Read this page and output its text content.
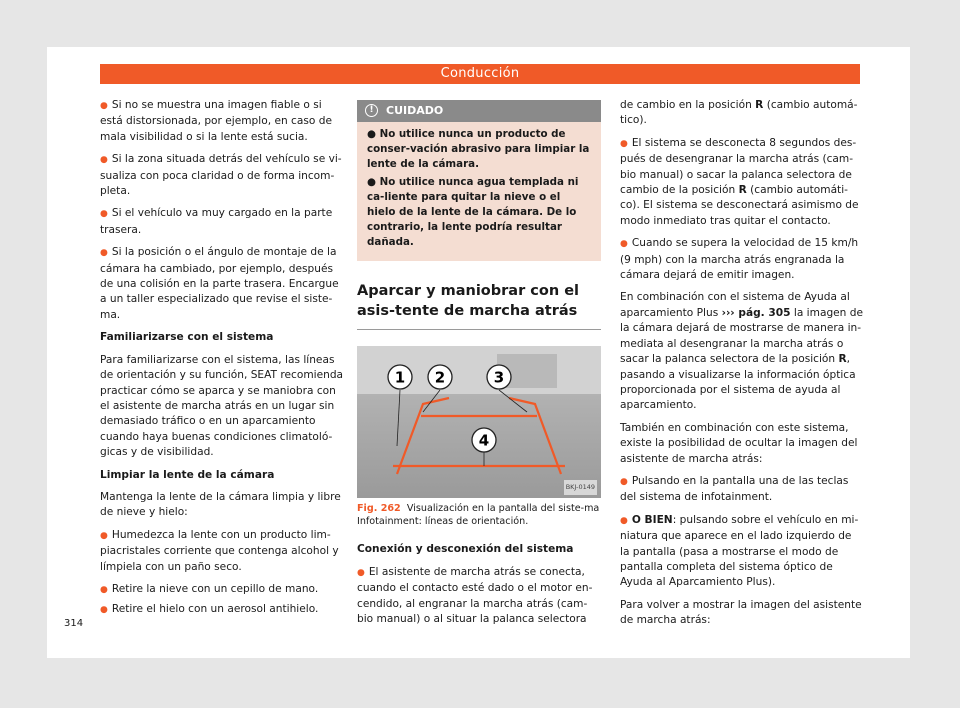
Conducción

● Si no se muestra una imagen fiable o si está distorsionada, por ejemplo, en caso de mala visibilidad o si la lente está sucia.

● Si la zona situada detrás del vehículo se vi-sualiza con poca claridad o de forma incom-pleta.

● Si el vehículo va muy cargado en la parte trasera.

● Si la posición o el ángulo de montaje de la cámara ha cambiado, por ejemplo, después de una colisión en la parte trasera. Encargue a un taller especializado que revise el siste-ma.

Familiarizarse con el sistema

Para familiarizarse con el sistema, las líneas de orientación y su función, SEAT recomienda practicar cómo se aparca y se maniobra con el asistente de marcha atrás en un lugar sin demasiado tráfico o en un aparcamiento cuando haya buenas condiciones climatoló-gicas y de visibilidad.

Limpiar la lente de la cámara

Mantenga la lente de la cámara limpia y libre de nieve y hielo:

● Humedezca la lente con un producto lim-piacristales corriente que contenga alcohol y límpiela con un paño seco.

● Retire la nieve con un cepillo de mano.

● Retire el hielo con un aerosol antihielo.

! CUIDADO

● No utilice nunca un producto de conser-vación abrasivo para limpiar la lente de la cámara.

● No utilice nunca agua templada ni ca-liente para quitar la nieve o el hielo de la lente de la cámara. De lo contrario, la lente podría resultar dañada.

Aparcar y maniobrar con el asis-tente de marcha atrás
1 2	3
4
BKJ-0149
Fig. 262 Visualización en la pantalla del siste-ma Infotainment: líneas de orientación.

Conexión y desconexión del sistema

● El asistente de marcha atrás se conecta, cuando el contacto esté dado o el motor en-cendido, al engranar la marcha atrás (cam-bio manual) o al situar la palanca selectora

de cambio en la posición R (cambio automá-tico).

● El sistema se desconecta 8 segundos des-pués de desengranar la marcha atrás (cam-bio manual) o sacar la palanca selectora de cambio de la posición R (cambio automáti-co). El sistema se desconectará asimismo de modo inmediato tras quitar el contacto.

● Cuando se supera la velocidad de 15 km/h (9 mph) con la marcha atrás engranada la cámara dejará de emitir imagen.

En combinación con el sistema de Ayuda al aparcamiento Plus ››› pág. 305 la imagen de la cámara dejará de mostrarse de manera in-mediata al desengranar la marcha atrás o sacar la palanca selectora de la posición R, pasando a visualizarse la información óptica proporcionada por el sistema de ayuda al aparcamiento.

También en combinación con este sistema, existe la posibilidad de ocultar la imagen del asistente de marcha atrás:

● Pulsando en la pantalla una de las teclas del sistema de infotainment.

● O BIEN: pulsando sobre el vehículo en mi-niatura que aparece en el lado izquierdo de la pantalla (pasa a mostrarse el modo de pantalla completa del sistema óptico de Ayuda al Aparcamiento Plus).

Para volver a mostrar la imagen del asistente de marcha atrás:

314
